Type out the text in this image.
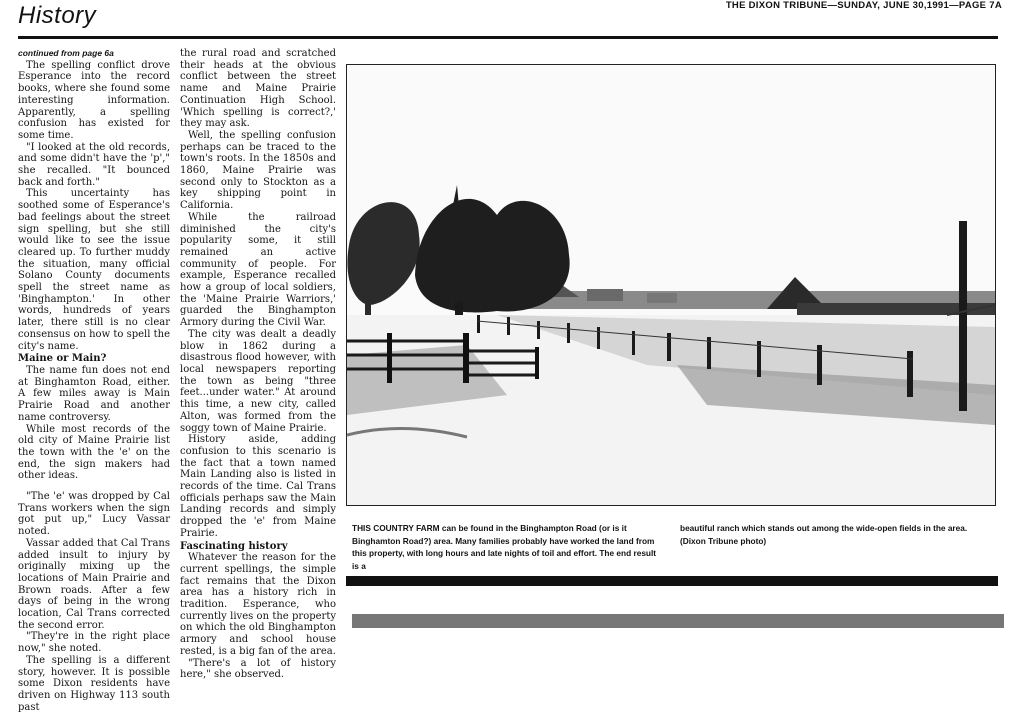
History	THE DIXON TRIBUNE—SUNDAY, JUNE 30,1991—PAGE 7A

continued from page 6a

The spelling conflict drove Esperance into the record books, where she found some interesting information. Apparently, a spelling confusion has existed for some time.

"I looked at the old records, and some didn't have the 'p'," she recalled. "It bounced back and forth."

This uncertainty has soothed some of Esperance's bad feelings about the street sign spelling, but she still would like to see the issue cleared up. To further muddy the situation, many official Solano County documents spell the street name as 'Binghampton.' In other words, hundreds of years later, there still is no clear consensus on how to spell the city's name.

Maine or Main?

The name fun does not end at Binghamton Road, either. A few miles away is Main Prairie Road and another name controversy.

While most records of the old city of Maine Prairie list the town with the 'e' on the end, the sign makers had other ideas.

"The 'e' was dropped by Cal Trans workers when the sign got put up," Lucy Vassar noted.

Vassar added that Cal Trans added insult to injury by originally mixing up the locations of Main Prairie and Brown roads. After a few days of being in the wrong location, Cal Trans corrected the second error.

"They're in the right place now," she noted.

The spelling is a different story, however. It is possible some Dixon residents have driven on Highway 113 south past

the rural road and scratched their heads at the obvious conflict between the street name and Maine Prairie Continuation High School. 'Which spelling is correct?,' they may ask.

Well, the spelling confusion perhaps can be traced to the town's roots. In the 1850s and 1860, Maine Prairie was second only to Stockton as a key shipping point in California.

While the railroad diminished the city's popularity some, it still remained an active community of people. For example, Esperance recalled how a group of local soldiers, the 'Maine Prairie Warriors,' guarded the Binghampton Armory during the Civil War.

The city was dealt a deadly blow in 1862 during a disastrous flood however, with local newspapers reporting the town as being "three feet...under water." At around this time, a new city, called Alton, was formed from the soggy town of Maine Prairie.

History aside, adding confusion to this scenario is the fact that a town named Main Landing also is listed in records of the time. Cal Trans officials perhaps saw the Main Landing records and simply dropped the 'e' from Maine Prairie.

Fascinating history

Whatever the reason for the current spellings, the simple fact remains that the Dixon area has a history rich in tradition. Esperance, who currently lives on the property on which the old Binghampton armory and school house rested, is a big fan of the area.

"There's a lot of history here," she observed.

THIS COUNTRY FARM can be found in the Binghampton Road (or is it Binghamton Road?) area. Many families probably have worked the land from this property, with long hours and late nights of toil and effort. The end result is a
beautiful ranch which stands out among the wide-open fields in the area. (Dixon Tribune photo)
